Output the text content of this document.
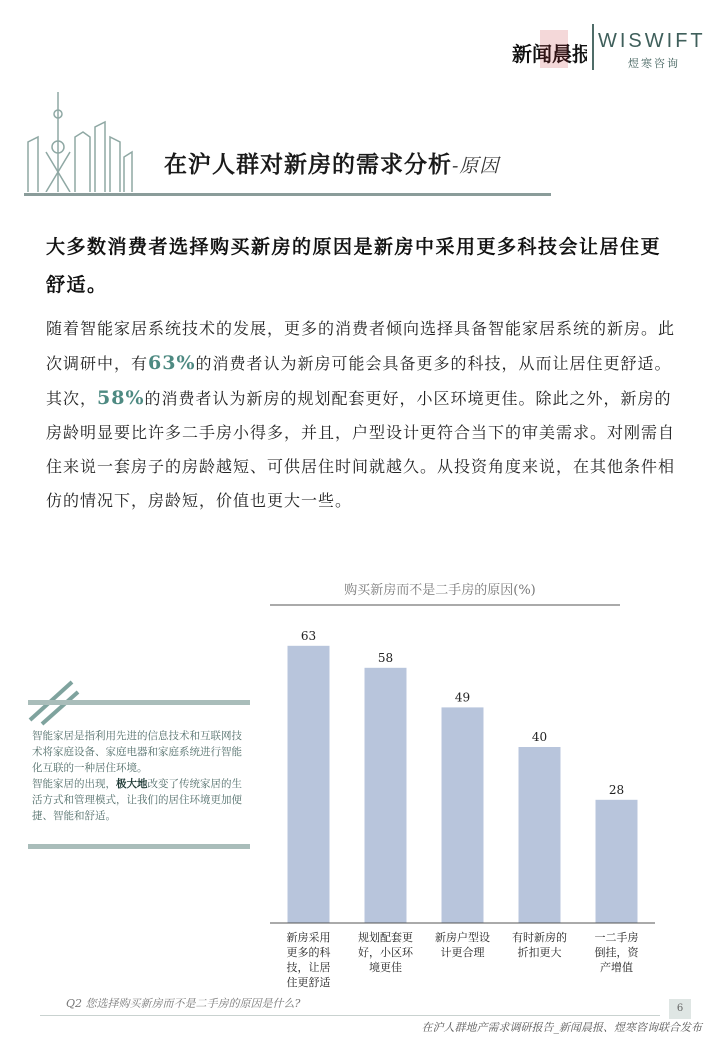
新闻晨报
WISWIFT
煜寒咨询
在沪人群对新房的需求分析-原因
大多数消费者选择购买新房的原因是新房中采用更多科技会让居住更舒适。
随着智能家居系统技术的发展，更多的消费者倾向选择具备智能家居系统的新房。此次调研中，有63%的消费者认为新房可能会具备更多的科技，从而让居住更舒适。其次，58%的消费者认为新房的规划配套更好，小区环境更佳。除此之外，新房的房龄明显要比许多二手房小得多，并且，户型设计更符合当下的审美需求。对刚需自住来说一套房子的房龄越短、可供居住时间就越久。从投资角度来说，在其他条件相仿的情况下，房龄短，价值也更大一些。
智能家居是指利用先进的信息技术和互联网技术将家庭设备、家庭电器和家庭系统进行智能化互联的一种居住环境。
智能家居的出现，极大地改变了传统家居的生活方式和管理模式，让我们的居住环境更加便捷、智能和舒适。
购买新房而不是二手房的原因(%)
63
新房采用更多的科技，让居住更舒适
58
规划配套更好，小区环境更佳
49
新房户型设计更合理
40
有时新房的折扣更大
28
一二手房倒挂，资产增值
Q2 您选择购买新房而不是二手房的原因是什么?	6
在沪人群地产需求调研报告_新闻晨报、煜寒咨询联合发布
